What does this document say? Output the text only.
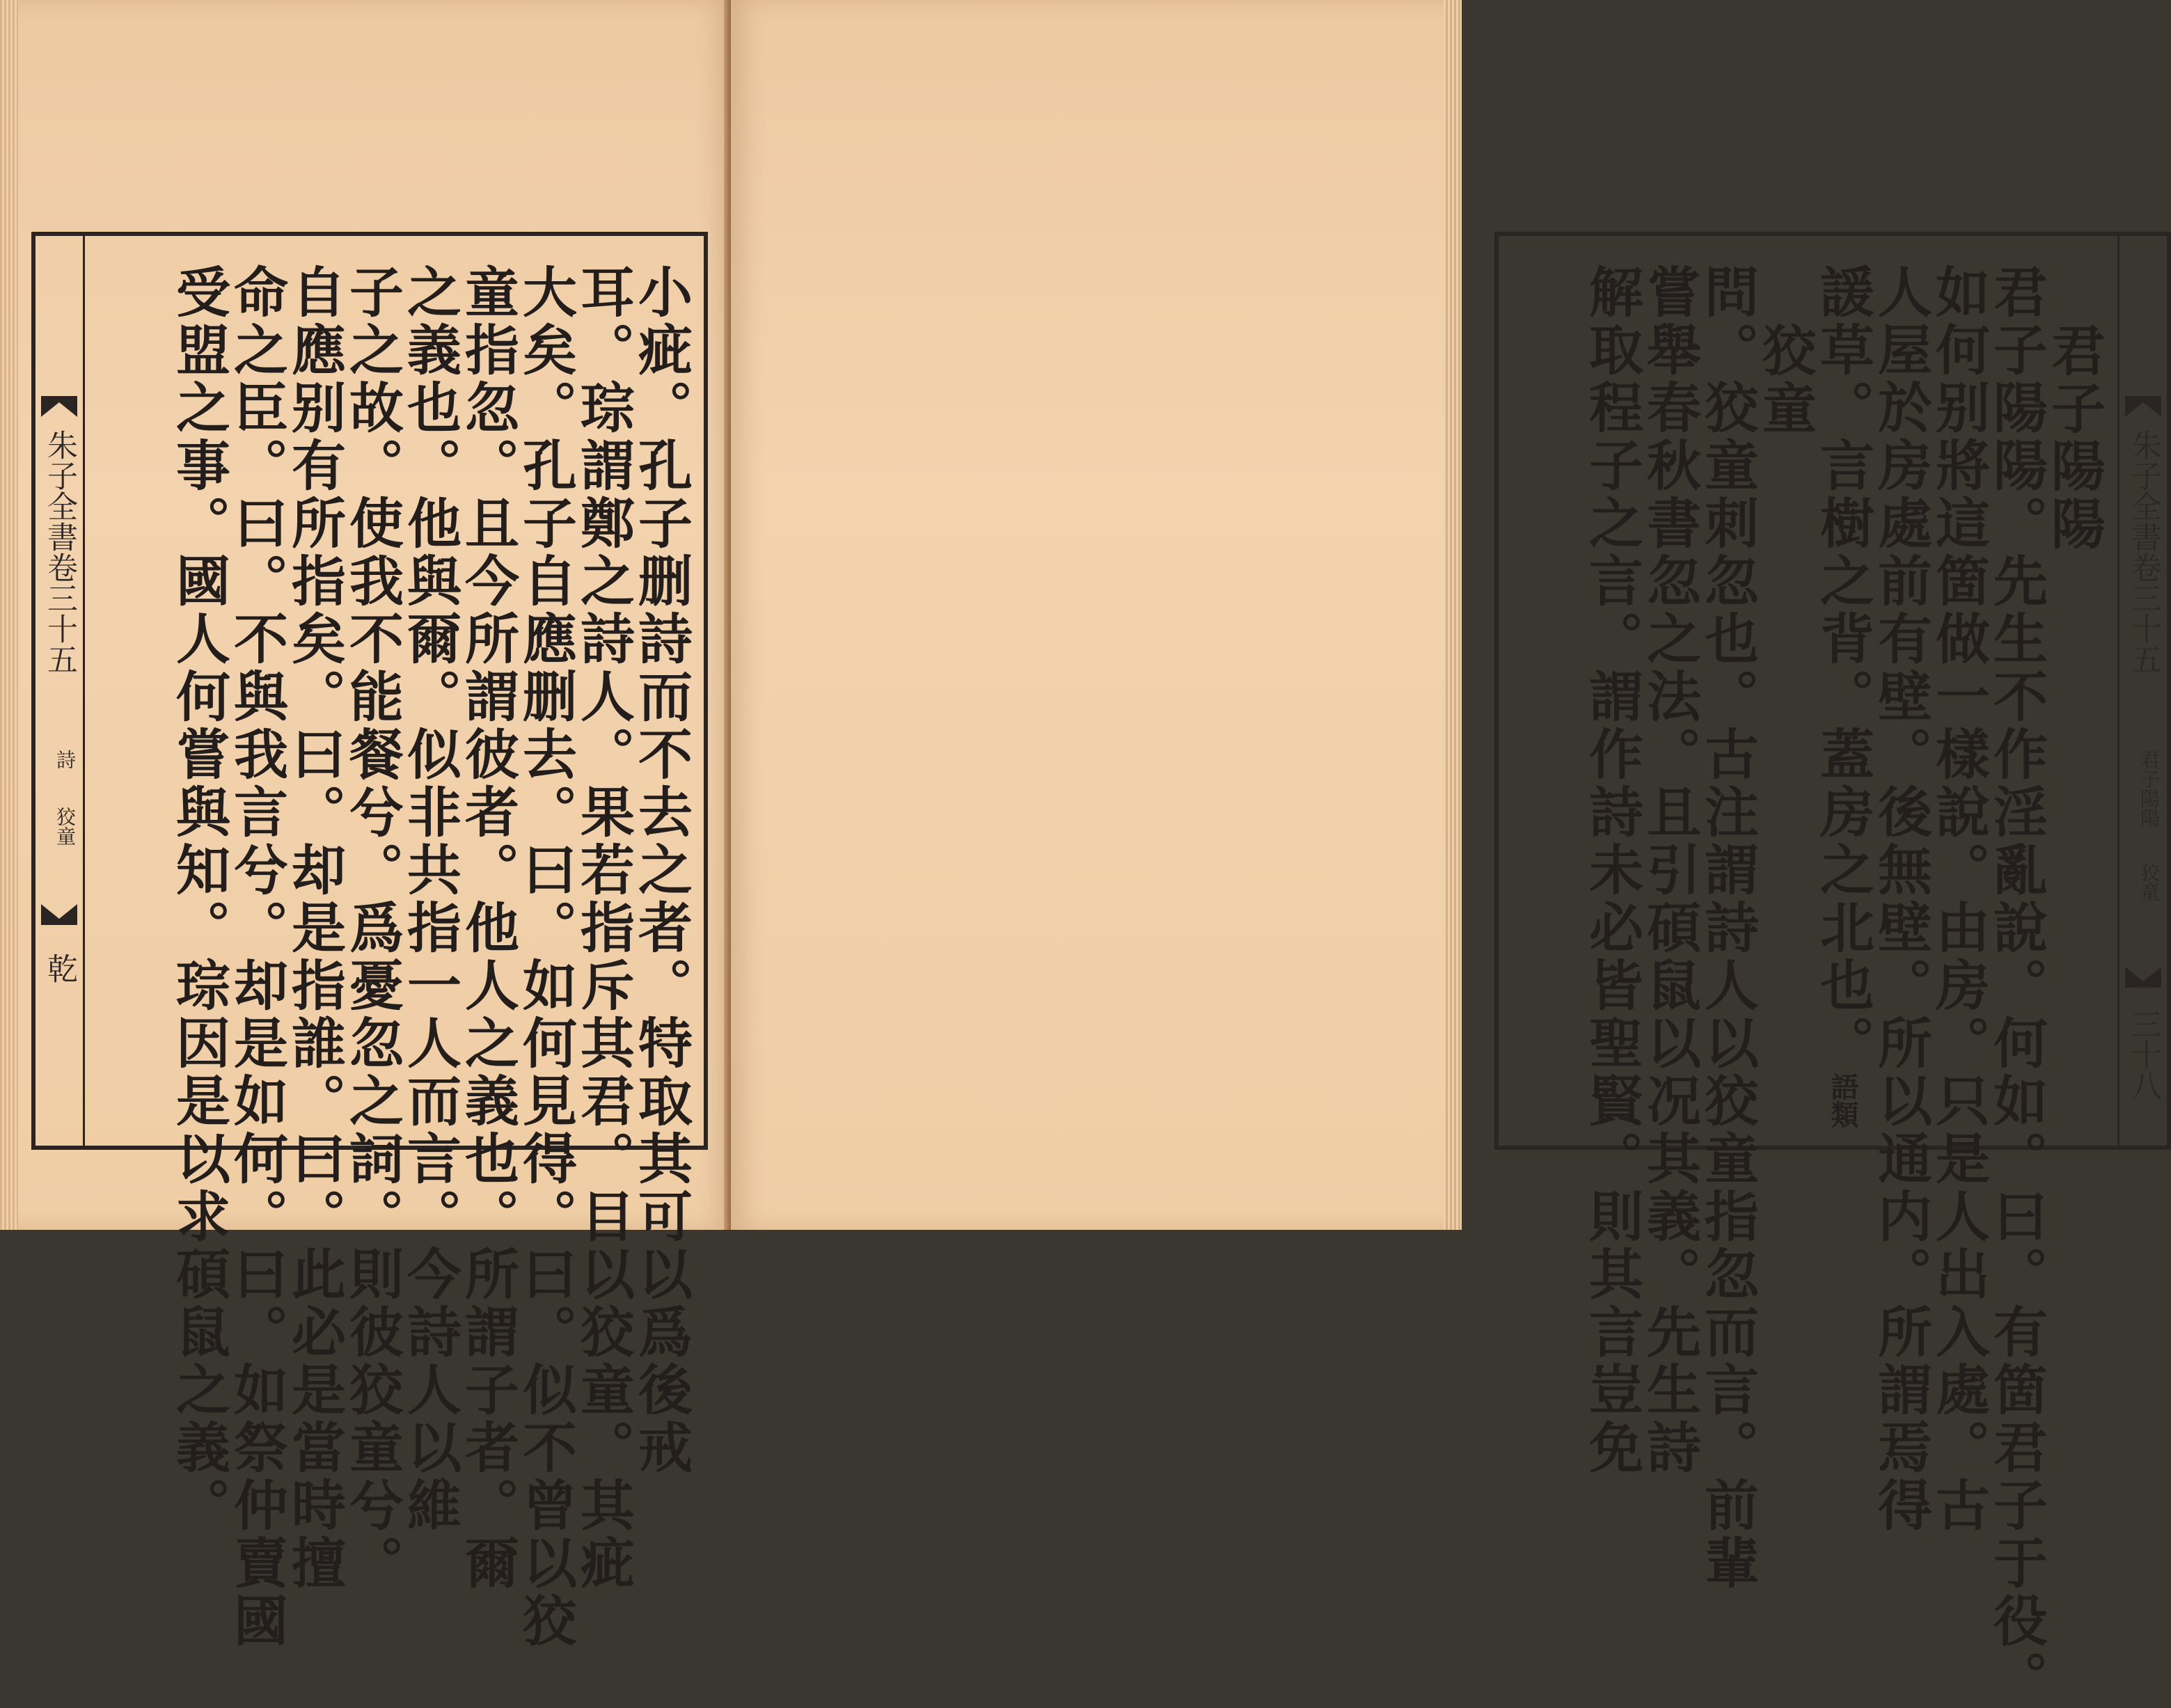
朱子全書卷三十五
詩
狡童
乾	小疵。孔子删詩而不去之者。特取其可以爲後戒
耳。琮謂鄭之詩人。果若指斥其君。目以狡童。其疵
大矣。孔子自應删去。曰。如何見得。曰。似不曾以狡
童指忽。且今所謂彼者。他人之義也。所謂子者。爾
之義也。他與爾。似非共指一人而言。今詩人以維
子之故。使我不能餐兮。爲憂忽之詞。則彼狡童兮。
自應别有所指矣。曰。却是指誰。曰。此必是當時擅
命之臣。曰。不與我言兮。却是如何。曰。如祭仲賣國
受盟之事。國人何嘗與知。琮因是以求碩鼠之義。	朱子全書卷三十五
君子陽陽
狡童
三十八
君子陽陽
君子陽陽。先生不作淫亂說。何如。曰。有箇君子于役。
如何别將這箇做一樣說。由房。只是人出入處。古
人屋於房處前有壁。後無壁。所以通内。所謂焉得
諼草。言樹之背。蓋房之北也。語類
狡童
問。狡童刺忽也。古注謂詩人以狡童指忽而言。前輩
嘗舉春秋書忽之法。且引碩鼠以况其義。先生詩
解取程子之言。謂作詩未必皆聖賢。則其言豈免
